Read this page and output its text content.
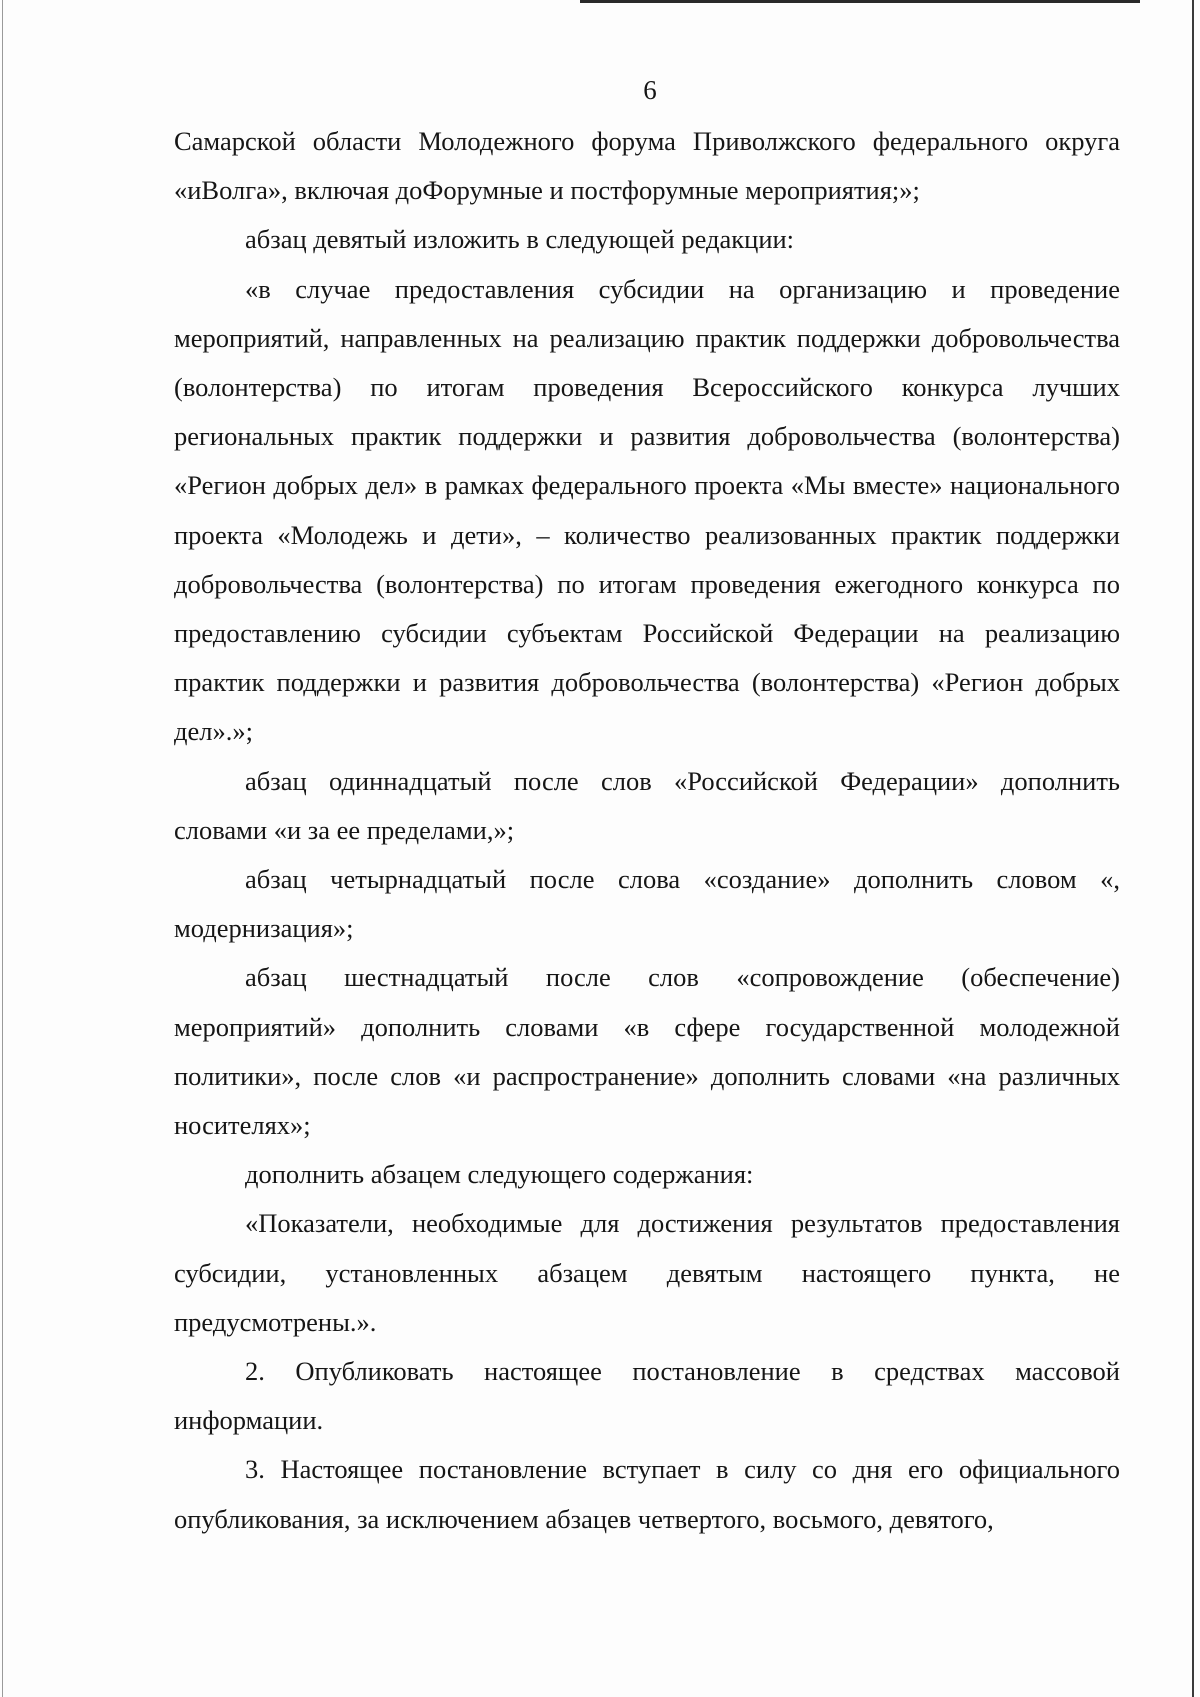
6

Самарской области Молодежного форума Приволжского федерального округа «иВолга», включая доФорумные и постфорумные мероприятия;»;

абзац девятый изложить в следующей редакции:

«в случае предоставления субсидии на организацию и проведение мероприятий, направленных на реализацию практик поддержки добровольчества (волонтерства) по итогам проведения Всероссийского конкурса лучших региональных практик поддержки и развития добровольчества (волонтерства) «Регион добрых дел» в рамках федерального проекта «Мы вместе» национального проекта «Молодежь и дети», – количество реализованных практик поддержки добровольчества (волонтерства) по итогам проведения ежегодного конкурса по предоставлению субсидии субъектам Российской Федерации на реализацию практик поддержки и развития добровольчества (волонтерства) «Регион добрых дел».»;

абзац одиннадцатый после слов «Российской Федерации» дополнить словами «и за ее пределами,»;

абзац четырнадцатый после слова «создание» дополнить словом «, модернизация»;

абзац шестнадцатый после слов «сопровождение (обеспечение) мероприятий» дополнить словами «в сфере государственной молодежной политики», после слов «и распространение» дополнить словами «на различных носителях»;

дополнить абзацем следующего содержания:

«Показатели, необходимые для достижения результатов предоставления субсидии, установленных абзацем девятым настоящего пункта, не предусмотрены.».

2. Опубликовать настоящее постановление в средствах массовой информации.

3. Настоящее постановление вступает в силу со дня его официального опубликования, за исключением абзацев четвертого, восьмого, девятого,
